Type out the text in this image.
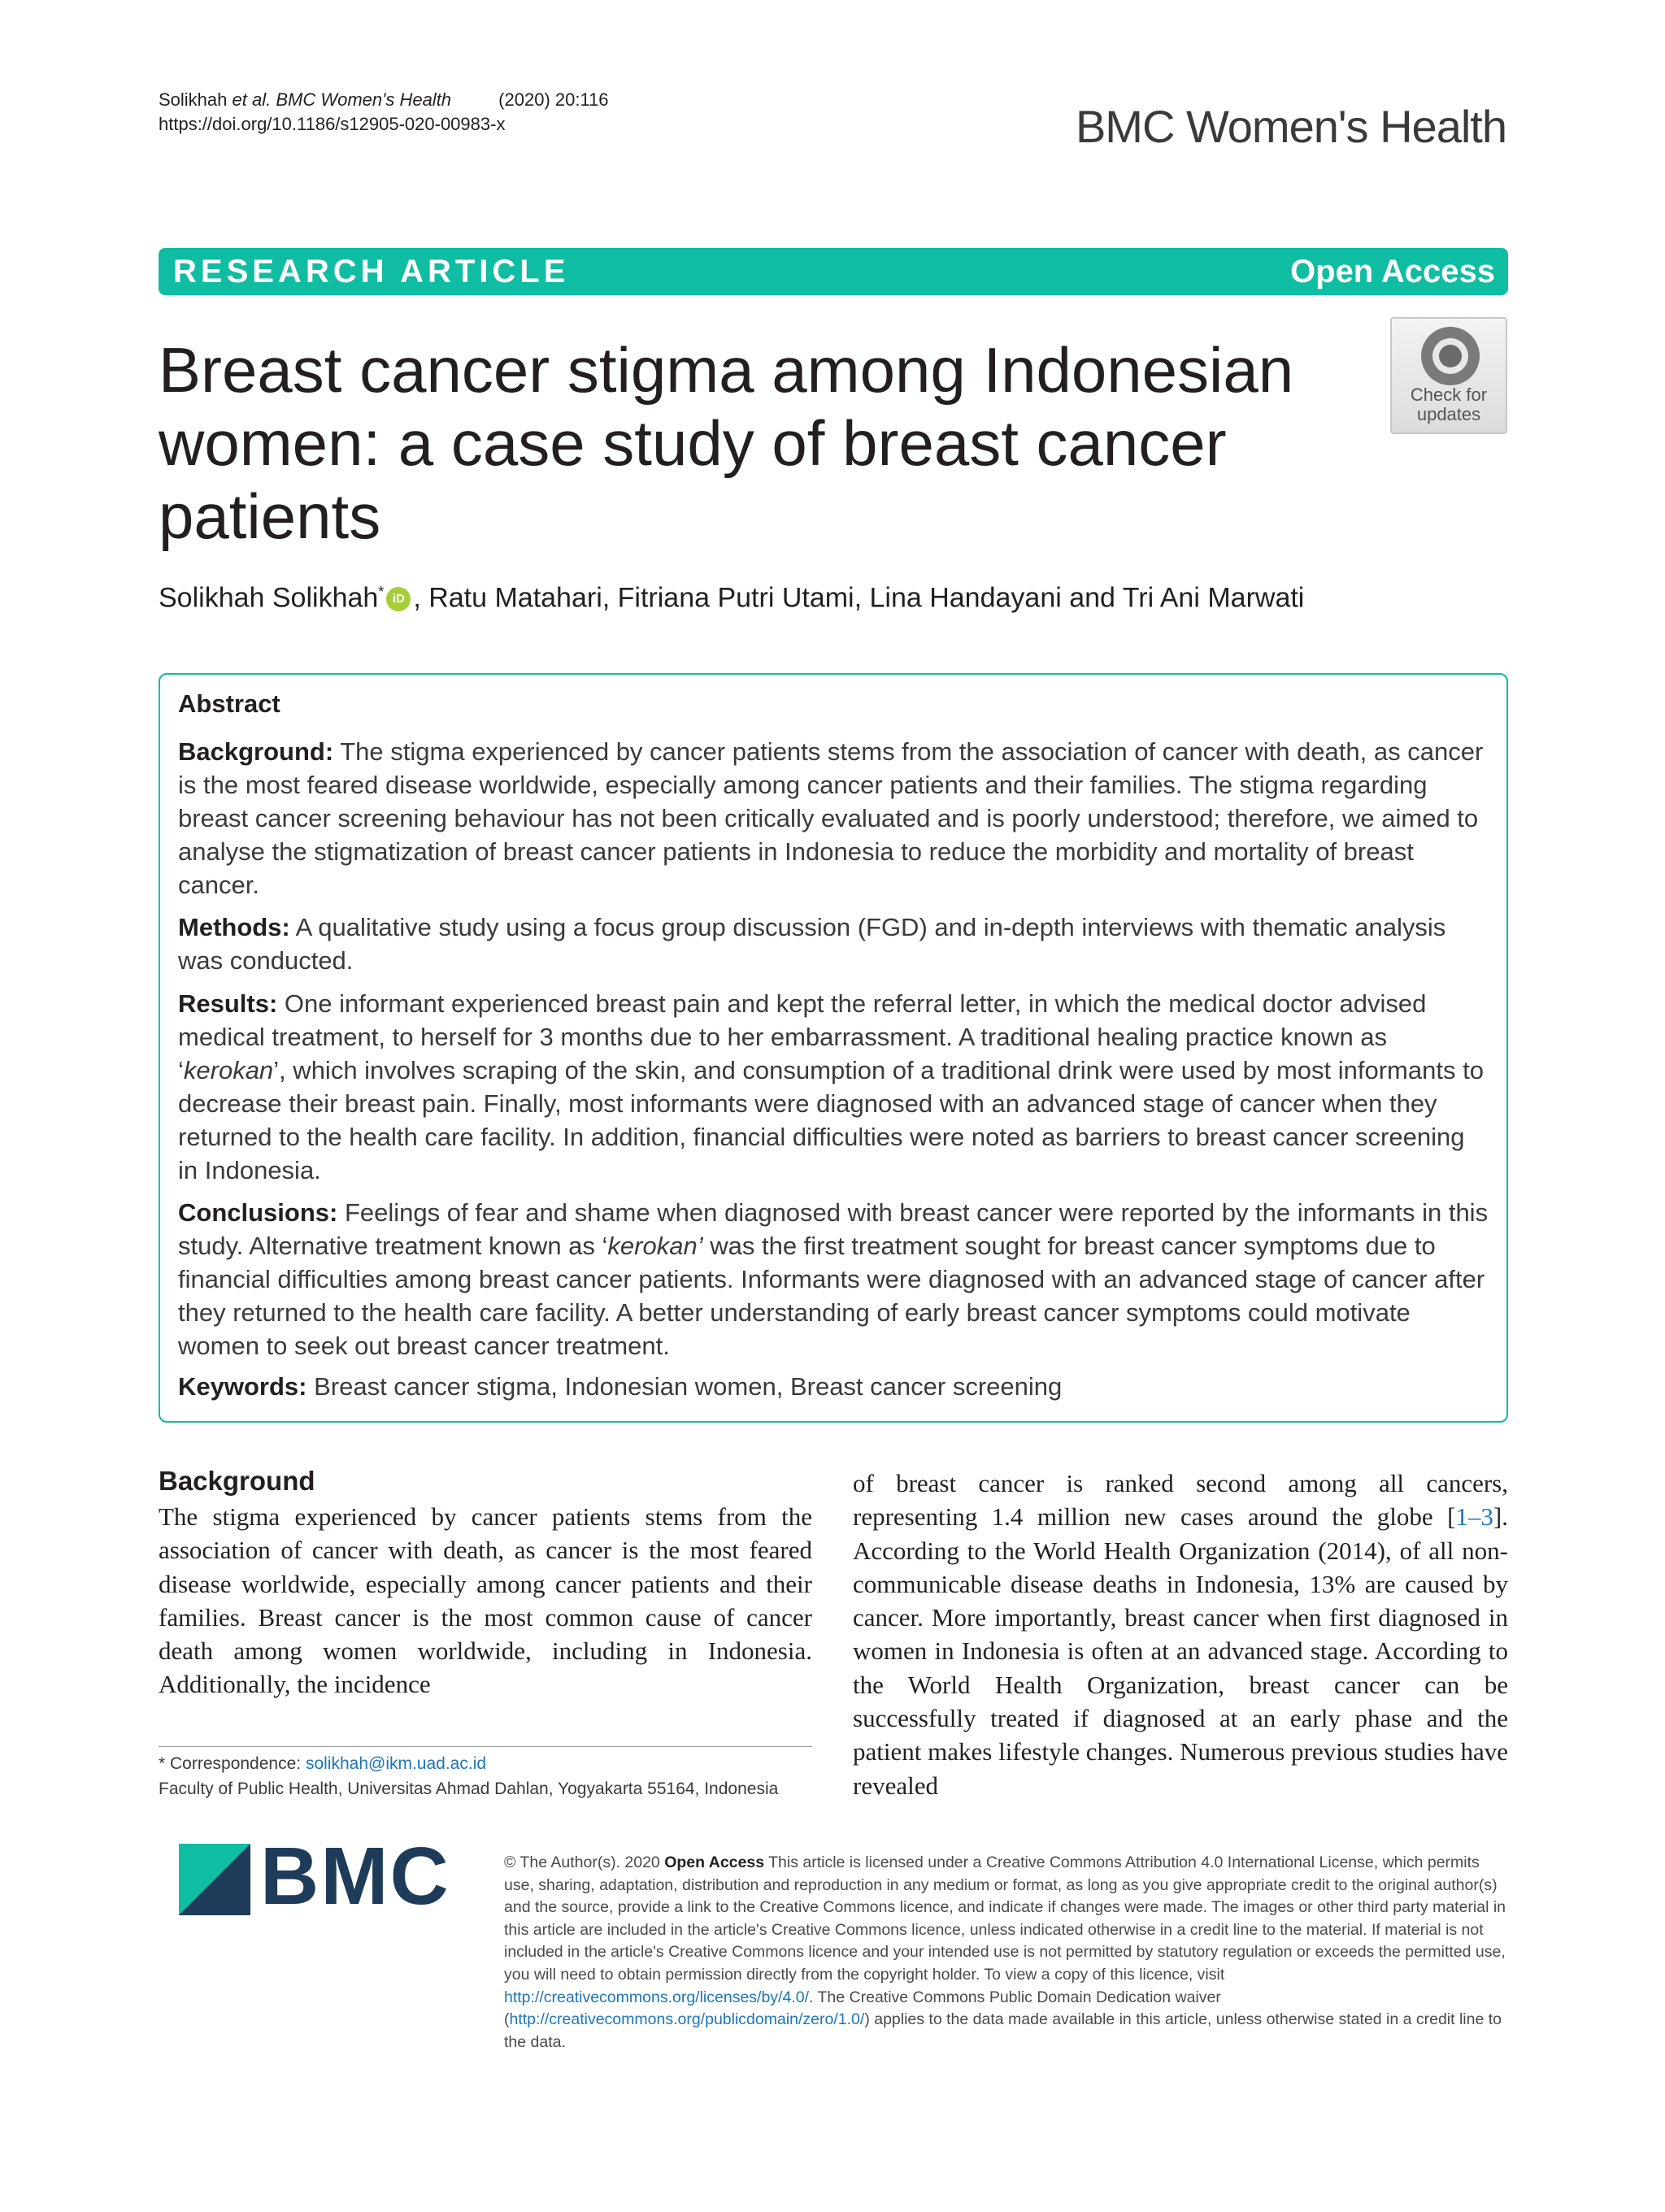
Solikhah et al. BMC Women's Health	(2020) 20:116
https://doi.org/10.1186/s12905-020-00983-x	BMC Women's Health
RESEARCH ARTICLE	Open Access
Breast cancer stigma among Indonesian women: a case study of breast cancer patients
Check for updates
Solikhah Solikhah* iD , Ratu Matahari, Fitriana Putri Utami, Lina Handayani and Tri Ani Marwati
Abstract
Background: The stigma experienced by cancer patients stems from the association of cancer with death, as cancer is the most feared disease worldwide, especially among cancer patients and their families. The stigma regarding breast cancer screening behaviour has not been critically evaluated and is poorly understood; therefore, we aimed to analyse the stigmatization of breast cancer patients in Indonesia to reduce the morbidity and mortality of breast cancer.
Methods: A qualitative study using a focus group discussion (FGD) and in-depth interviews with thematic analysis was conducted.
Results: One informant experienced breast pain and kept the referral letter, in which the medical doctor advised medical treatment, to herself for 3 months due to her embarrassment. A traditional healing practice known as ‘kerokan’, which involves scraping of the skin, and consumption of a traditional drink were used by most informants to decrease their breast pain. Finally, most informants were diagnosed with an advanced stage of cancer when they returned to the health care facility. In addition, financial difficulties were noted as barriers to breast cancer screening in Indonesia.
Conclusions: Feelings of fear and shame when diagnosed with breast cancer were reported by the informants in this study. Alternative treatment known as ‘kerokan’ was the first treatment sought for breast cancer symptoms due to financial difficulties among breast cancer patients. Informants were diagnosed with an advanced stage of cancer after they returned to the health care facility. A better understanding of early breast cancer symptoms could motivate women to seek out breast cancer treatment.
Keywords: Breast cancer stigma, Indonesian women, Breast cancer screening
Background
The stigma experienced by cancer patients stems from the association of cancer with death, as cancer is the most feared disease worldwide, especially among cancer patients and their families. Breast cancer is the most common cause of cancer death among women worldwide, including in Indonesia. Additionally, the incidence
of breast cancer is ranked second among all cancers, representing 1.4 million new cases around the globe [1–3]. According to the World Health Organization (2014), of all non-communicable disease deaths in Indonesia, 13% are caused by cancer. More importantly, breast cancer when first diagnosed in women in Indonesia is often at an advanced stage. According to the World Health Organization, breast cancer can be successfully treated if diagnosed at an early phase and the patient makes lifestyle changes. Numerous previous studies have revealed
* Correspondence: solikhah@ikm.uad.ac.id
Faculty of Public Health, Universitas Ahmad Dahlan, Yogyakarta 55164, Indonesia
BMC	© The Author(s). 2020 Open Access This article is licensed under a Creative Commons Attribution 4.0 International License, which permits use, sharing, adaptation, distribution and reproduction in any medium or format, as long as you give appropriate credit to the original author(s) and the source, provide a link to the Creative Commons licence, and indicate if changes were made. The images or other third party material in this article are included in the article's Creative Commons licence, unless indicated otherwise in a credit line to the material. If material is not included in the article's Creative Commons licence and your intended use is not permitted by statutory regulation or exceeds the permitted use, you will need to obtain permission directly from the copyright holder. To view a copy of this licence, visit http://creativecommons.org/licenses/by/4.0/. The Creative Commons Public Domain Dedication waiver (http://creativecommons.org/publicdomain/zero/1.0/) applies to the data made available in this article, unless otherwise stated in a credit line to the data.
